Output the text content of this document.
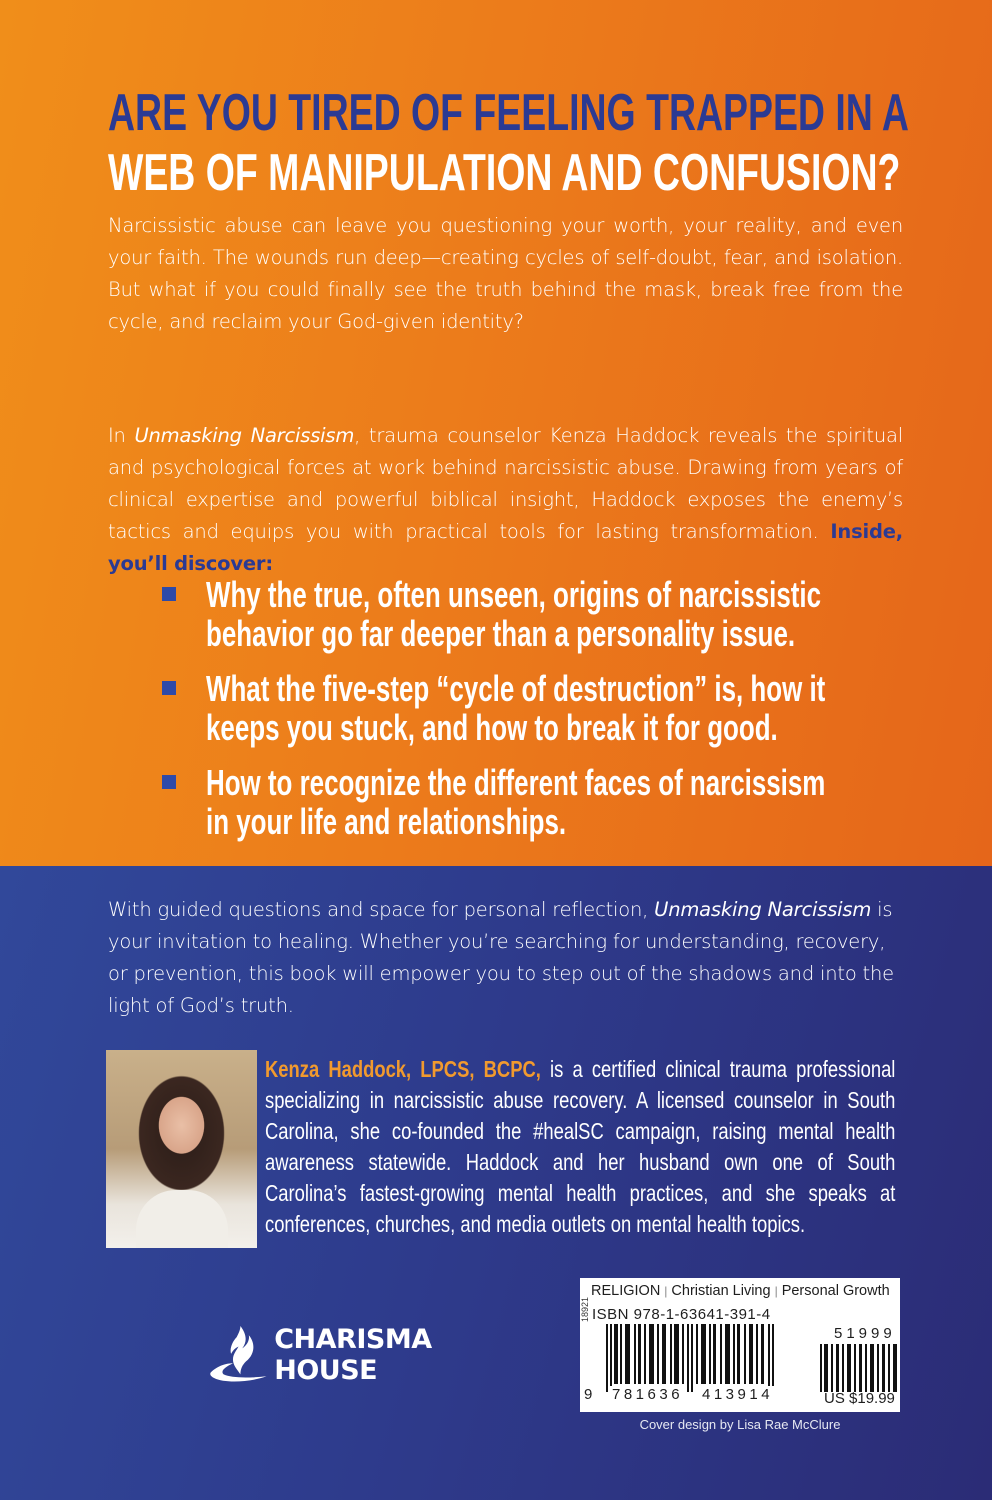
ARE YOU TIRED OF FEELING TRAPPED IN A
WEB OF MANIPULATION AND CONFUSION?
Narcissistic abuse can leave you questioning your worth, your reality, and even your faith. The wounds run deep—creating cycles of self-doubt, fear, and isolation. But what if you could finally see the truth behind the mask, break free from the cycle, and reclaim your God-given identity?
In Unmasking Narcissism, trauma counselor Kenza Haddock reveals the spiritual and psychological forces at work behind narcissistic abuse. Drawing from years of clinical expertise and powerful biblical insight, Haddock exposes the enemy’s tactics and equips you with practical tools for lasting transformation. Inside, you’ll discover:
Why the true, often unseen, origins of narcissistic behavior go far deeper than a personality issue.
What the five-step “cycle of destruction” is, how it keeps you stuck, and how to break it for good.
How to recognize the different faces of narcissism in your life and relationships.
With guided questions and space for personal reflection, Unmasking Narcissism is your invitation to healing. Whether you’re searching for understanding, recovery, or prevention, this book will empower you to step out of the shadows and into the light of God’s truth.
Kenza Haddock, LPCS, BCPC, is a certified clinical trauma professional specializing in narcissistic abuse recovery. A licensed counselor in South Carolina, she co-founded the #healSC campaign, raising mental health awareness statewide. Haddock and her husband own one of South Carolina’s fastest-growing mental health practices, and she speaks at conferences, churches, and media outlets on mental health topics.
CHARISMA HOUSE
RELIGION | Christian Living | Personal Growth
18921 ISBN 978-1-63641-391-4
9 781636 413914
51999
US $19.99
Cover design by Lisa Rae McClure
